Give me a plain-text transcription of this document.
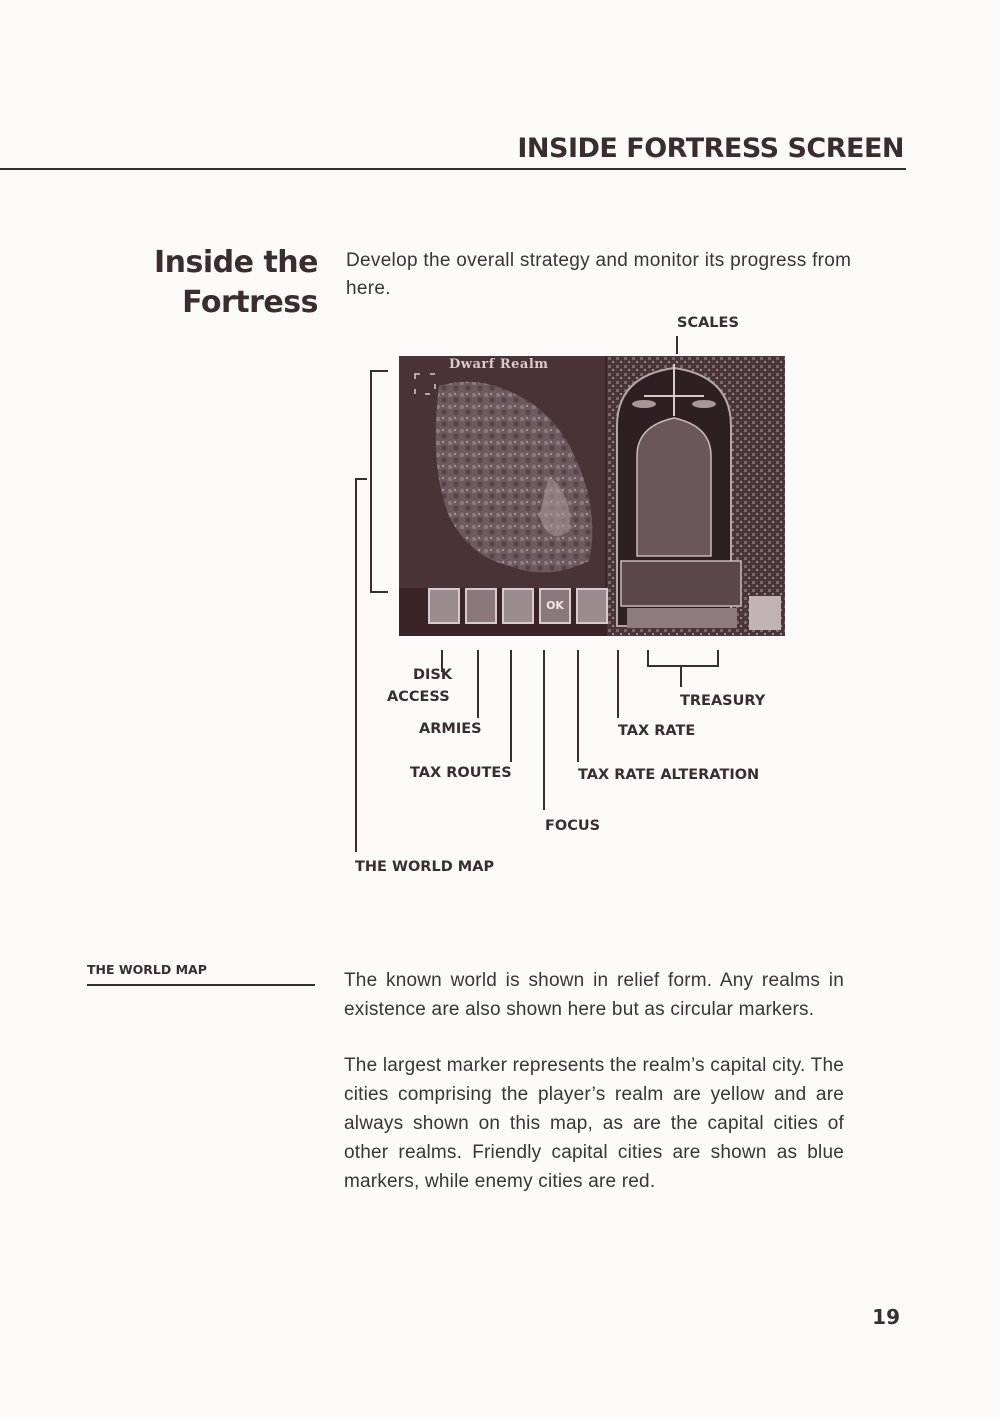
INSIDE FORTRESS SCREEN
Inside the
Fortress
Develop the overall strategy and monitor its progress from here.
Dwarf Realm
OK
SCALES
DISK
ACCESS
ARMIES
TAX ROUTES
FOCUS
THE WORLD MAP
TREASURY
TAX RATE
TAX RATE ALTERATION
THE WORLD MAP
The known world is shown in relief form. Any realms in existence are also shown here but as circular markers.
The largest marker represents the realm’s capital city. The cities comprising the player’s realm are yellow and are always shown on this map, as are the capital cities of other realms. Friendly capital cities are shown as blue markers, while enemy cities are red.
19
